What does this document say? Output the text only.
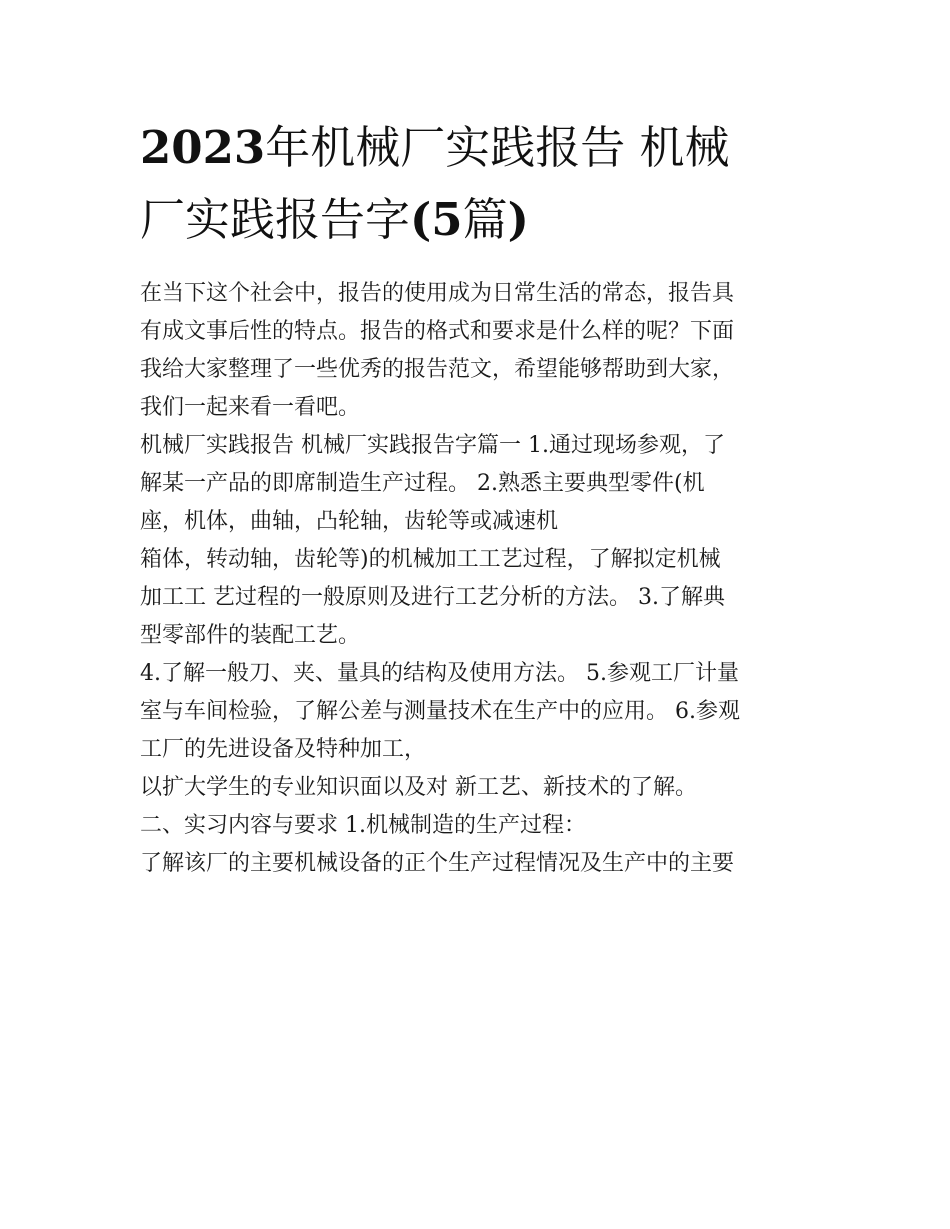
2023年机械厂实践报告 机械
厂实践报告字(5篇)
在当下这个社会中，报告的使用成为日常生活的常态，报告具
有成文事后性的特点。报告的格式和要求是什么样的呢？下面
我给大家整理了一些优秀的报告范文，希望能够帮助到大家，
我们一起来看一看吧。
机械厂实践报告 机械厂实践报告字篇一 1.通过现场参观，了
解某一产品的即席制造生产过程。 2.熟悉主要典型零件(机
座，机体，曲轴，凸轮轴，齿轮等或减速机
箱体，转动轴，齿轮等)的机械加工工艺过程，了解拟定机械
加工工 艺过程的一般原则及进行工艺分析的方法。 3.了解典
型零部件的装配工艺。
4.了解一般刀、夹、量具的结构及使用方法。 5.参观工厂计量
室与车间检验，了解公差与测量技术在生产中的应用。 6.参观
工厂的先进设备及特种加工，
以扩大学生的专业知识面以及对 新工艺、新技术的了解。
二、实习内容与要求 1.机械制造的生产过程：
了解该厂的主要机械设备的正个生产过程情况及生产中的主要
